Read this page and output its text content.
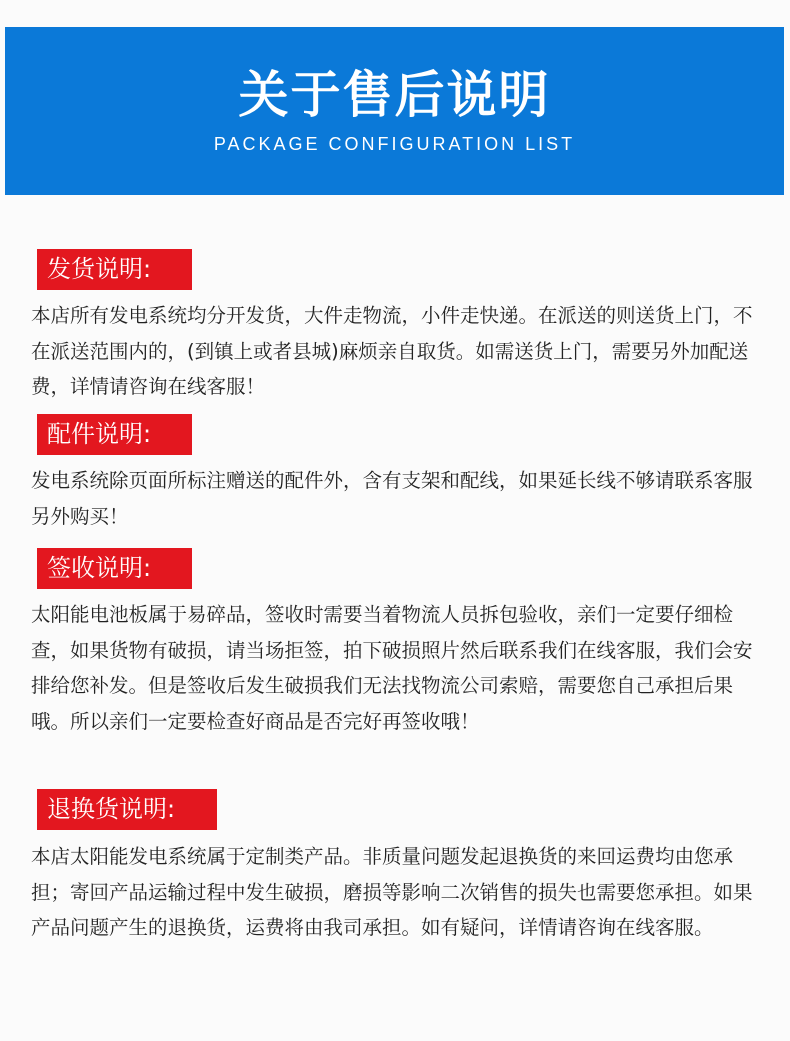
关于售后说明
PACKAGE CONFIGURATION LIST
发货说明:

本店所有发电系统均分开发货，大件走物流，小件走快递。在派送的则送货上门，不在派送范围内的，(到镇上或者县城)麻烦亲自取货。如需送货上门，需要另外加配送费，详情请咨询在线客服！

配件说明:

发电系统除页面所标注赠送的配件外，含有支架和配线，如果延长线不够请联系客服另外购买！

签收说明:

太阳能电池板属于易碎品，签收时需要当着物流人员拆包验收，亲们一定要仔细检查，如果货物有破损，请当场拒签，拍下破损照片然后联系我们在线客服，我们会安排给您补发。但是签收后发生破损我们无法找物流公司索赔，需要您自己承担后果哦。所以亲们一定要检查好商品是否完好再签收哦！

退换货说明:

本店太阳能发电系统属于定制类产品。非质量问题发起退换货的来回运费均由您承担；寄回产品运输过程中发生破损，磨损等影响二次销售的损失也需要您承担。如果产品问题产生的退换货，运费将由我司承担。如有疑问，详情请咨询在线客服。
